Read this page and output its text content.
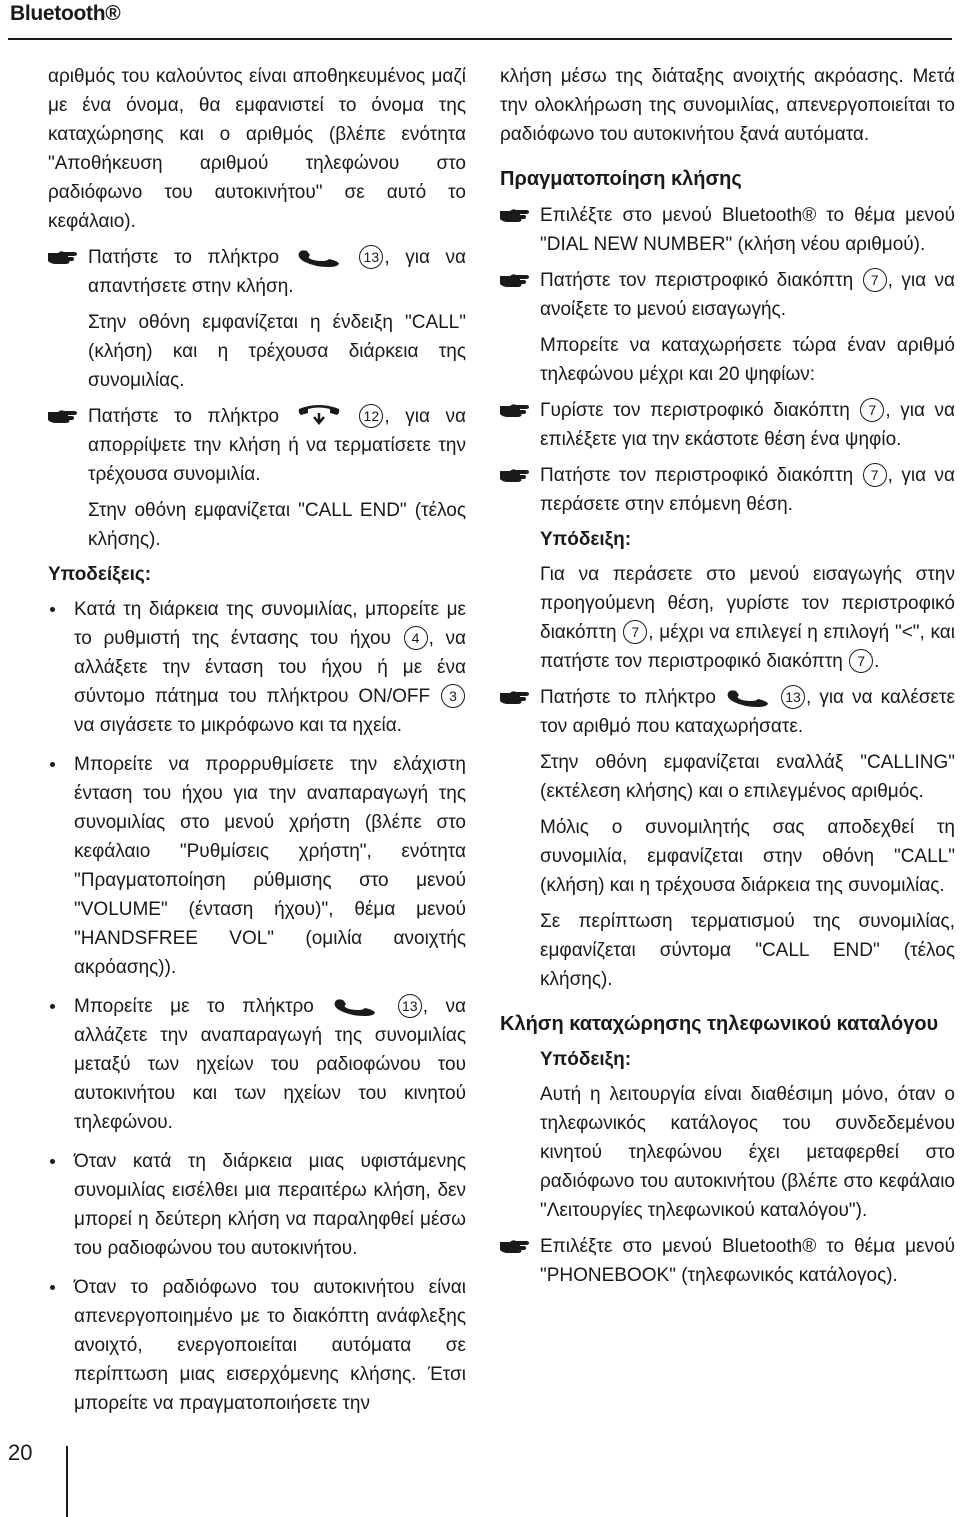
Bluetooth®

αριθμός του καλούντος είναι αποθηκευμένος μαζί με ένα όνομα, θα εμφανιστεί το όνομα της καταχώρησης και ο αριθμός (βλέπε ενότητα "Αποθήκευση αριθμού τηλεφώνου στο ραδιόφωνο του αυτοκινήτου" σε αυτό το κεφάλαιο).

Πατήστε το πλήκτρο	13 , για να απαντήσετε στην κλήση.

Στην οθόνη εμφανίζεται η ένδειξη "CALL" (κλήση) και η τρέχουσα διάρκεια της συνομιλίας.

Πατήστε το πλήκτρο	12 , για να απορρίψετε την κλήση ή να τερματίσετε την τρέχουσα συνομιλία.

Στην οθόνη εμφανίζεται "CALL END" (τέλος κλήσης).

Υποδείξεις:

Κατά τη διάρκεια της συνομιλίας, μπορείτε με το ρυθμιστή της έντασης του ήχου 4 , να αλλάξετε την ένταση του ήχου ή με ένα σύντομο πάτημα του πλήκτρου ON/OFF 3 να σιγάσετε το μικρόφωνο και τα ηχεία.

Μπορείτε να προρρυθμίσετε την ελάχιστη ένταση του ήχου για την αναπαραγωγή της συνομιλίας στο μενού χρήστη (βλέπε στο κεφάλαιο "Ρυθμίσεις χρήστη", ενότητα "Πραγματοποίηση ρύθμισης στο μενού "VOLUME" (ένταση ήχου)", θέμα μενού "HANDSFREE VOL" (ομιλία ανοιχτής ακρόασης)).

Μπορείτε με το πλήκτρο	13 , να αλλάζετε την αναπαραγωγή της συνομιλίας μεταξύ των ηχείων του ραδιοφώνου του αυτοκινήτου και των ηχείων του κινητού τηλεφώνου.

Όταν κατά τη διάρκεια μιας υφιστάμενης συνομιλίας εισέλθει μια περαιτέρω κλήση, δεν μπορεί η δεύτερη κλήση να παραληφθεί μέσω του ραδιοφώνου του αυτοκινήτου.

Όταν το ραδιόφωνο του αυτοκινήτου είναι απενεργοποιημένο με το διακόπτη ανάφλεξης ανοιχτό, ενεργοποιείται αυτόματα σε περίπτωση μιας εισερχόμενης κλήσης. Έτσι μπορείτε να πραγματοποιήσετε την

κλήση μέσω της διάταξης ανοιχτής ακρόασης. Μετά την ολοκλήρωση της συνομιλίας, απενεργοποιείται το ραδιόφωνο του αυτοκινήτου ξανά αυτόματα.

Πραγματοποίηση κλήσης

Επιλέξτε στο μενού Bluetooth® το θέμα μενού "DIAL NEW NUMBER" (κλήση νέου αριθμού).

Πατήστε τον περιστροφικό διακόπτη 7 , για να ανοίξετε το μενού εισαγωγής.

Μπορείτε να καταχωρήσετε τώρα έναν αριθμό τηλεφώνου μέχρι και 20 ψηφίων:

Γυρίστε τον περιστροφικό διακόπτη 7 , για να επιλέξετε για την εκάστοτε θέση ένα ψηφίο.

Πατήστε τον περιστροφικό διακόπτη 7 , για να περάσετε στην επόμενη θέση.

Υπόδειξη:

Για να περάσετε στο μενού εισαγωγής στην προηγούμενη θέση, γυρίστε τον περιστροφικό διακόπτη 7 , μέχρι να επιλεγεί η επιλογή "<", και πατήστε τον περιστροφικό διακόπτη 7 .

Πατήστε το πλήκτρο	13 , για να καλέσετε τον αριθμό που καταχωρήσατε.

Στην οθόνη εμφανίζεται εναλλάξ "CALLING" (εκτέλεση κλήσης) και ο επιλεγμένος αριθμός.

Μόλις ο συνομιλητής σας αποδεχθεί τη συνομιλία, εμφανίζεται στην οθόνη "CALL" (κλήση) και η τρέχουσα διάρκεια της συνομιλίας.

Σε περίπτωση τερματισμού της συνομιλίας, εμφανίζεται σύντομα "CALL END" (τέλος κλήσης).

Κλήση καταχώρησης τηλεφωνικού καταλόγου
Υπόδειξη:

Αυτή η λειτουργία είναι διαθέσιμη μόνο, όταν ο τηλεφωνικός κατάλογος του συνδεδεμένου κινητού τηλεφώνου έχει μεταφερθεί στο ραδιόφωνο του αυτοκινήτου (βλέπε στο κεφάλαιο "Λειτουργίες τηλεφωνικού καταλόγου").

Επιλέξτε στο μενού Bluetooth® το θέμα μενού "PHONEBOOK" (τηλεφωνικός κατάλογος).

20
